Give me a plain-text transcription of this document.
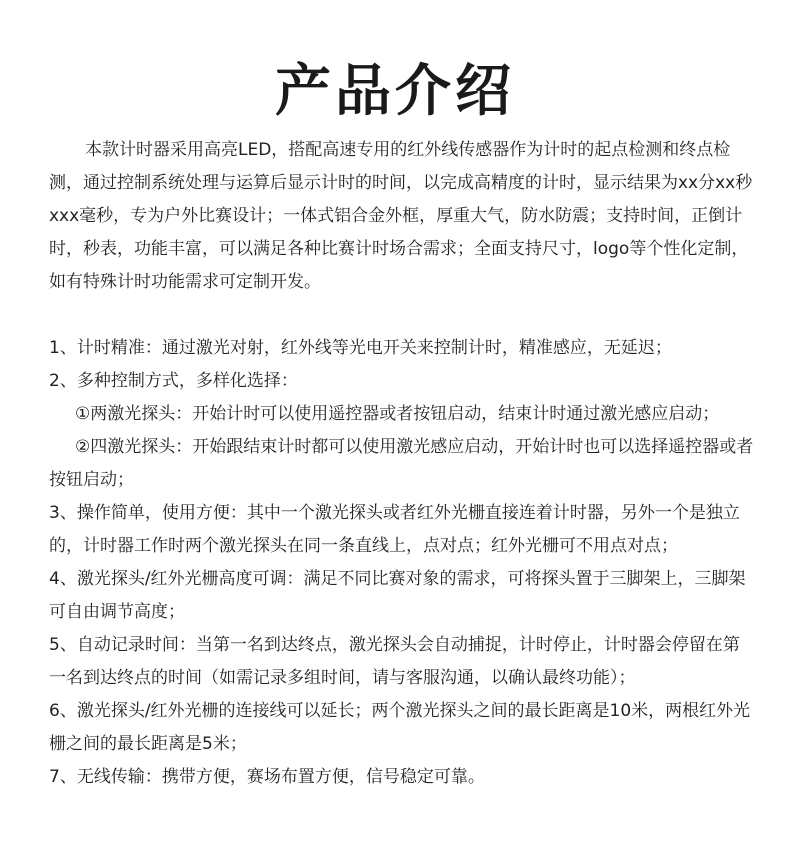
产品介绍

本款计时器采用高亮LED，搭配高速专用的红外线传感器作为计时的起点检测和终点检测，通过控制系统处理与运算后显示计时的时间，以完成高精度的计时，显示结果为xx分xx秒xxx毫秒，专为户外比赛设计；一体式铝合金外框，厚重大气，防水防震；支持时间，正倒计时，秒表，功能丰富，可以满足各种比赛计时场合需求；全面支持尺寸，logo等个性化定制，如有特殊计时功能需求可定制开发。

1、计时精准：通过激光对射，红外线等光电开关来控制计时，精准感应，无延迟；
2、多种控制方式，多样化选择：
①两激光探头：开始计时可以使用遥控器或者按钮启动，结束计时通过激光感应启动；
②四激光探头：开始跟结束计时都可以使用激光感应启动，开始计时也可以选择遥控器或者按钮启动；
3、操作简单，使用方便：其中一个激光探头或者红外光栅直接连着计时器，另外一个是独立的，计时器工作时两个激光探头在同一条直线上，点对点；红外光栅可不用点对点；
4、激光探头/红外光栅高度可调：满足不同比赛对象的需求，可将探头置于三脚架上，三脚架可自由调节高度；
5、自动记录时间：当第一名到达终点，激光探头会自动捕捉，计时停止，计时器会停留在第一名到达终点的时间（如需记录多组时间，请与客服沟通，以确认最终功能）；
6、激光探头/红外光栅的连接线可以延长；两个激光探头之间的最长距离是10米，两根红外光栅之间的最长距离是5米；
7、无线传输：携带方便，赛场布置方便，信号稳定可靠。
